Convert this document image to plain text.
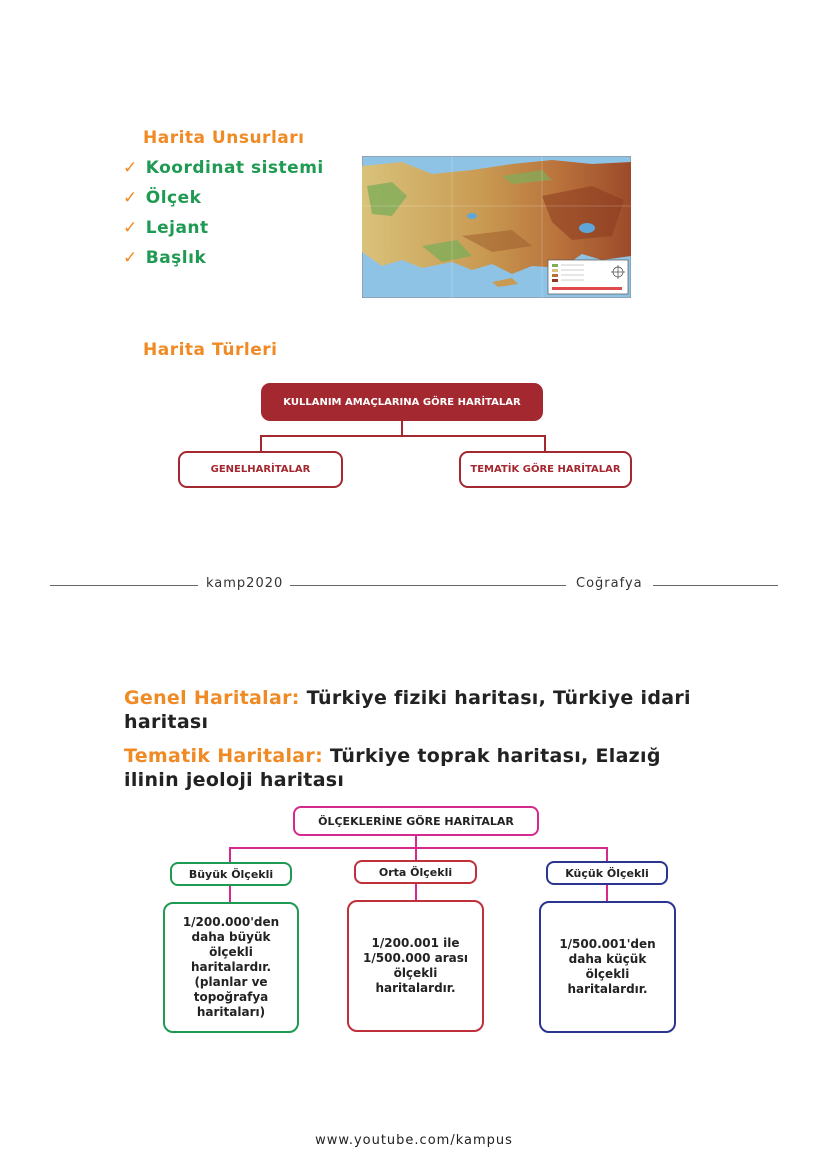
Harita Unsurları
✓ Koordinat sistemi
✓ Ölçek
✓ Lejant
✓ Başlık
Harita Türleri
KULLANIM AMAÇLARINA GÖRE HARİTALAR
GENELHARİTALAR	TEMATİK GÖRE HARİTALAR
kamp2020	Coğrafya
Genel Haritalar: Türkiye fiziki haritası, Türkiye idari haritası
Tematik Haritalar: Türkiye toprak haritası, Elazığ ilinin jeoloji haritası
ÖLÇEKLERİNE GÖRE HARİTALAR
Büyük Ölçekli
1/200.000'den daha büyük ölçekli haritalardır. (planlar ve topoğrafya haritaları)
Orta Ölçekli
1/200.001 ile 1/500.000 arası ölçekli haritalardır.
Küçük Ölçekli
1/500.001'den daha küçük ölçekli haritalardır.
www.youtube.com/kampus
